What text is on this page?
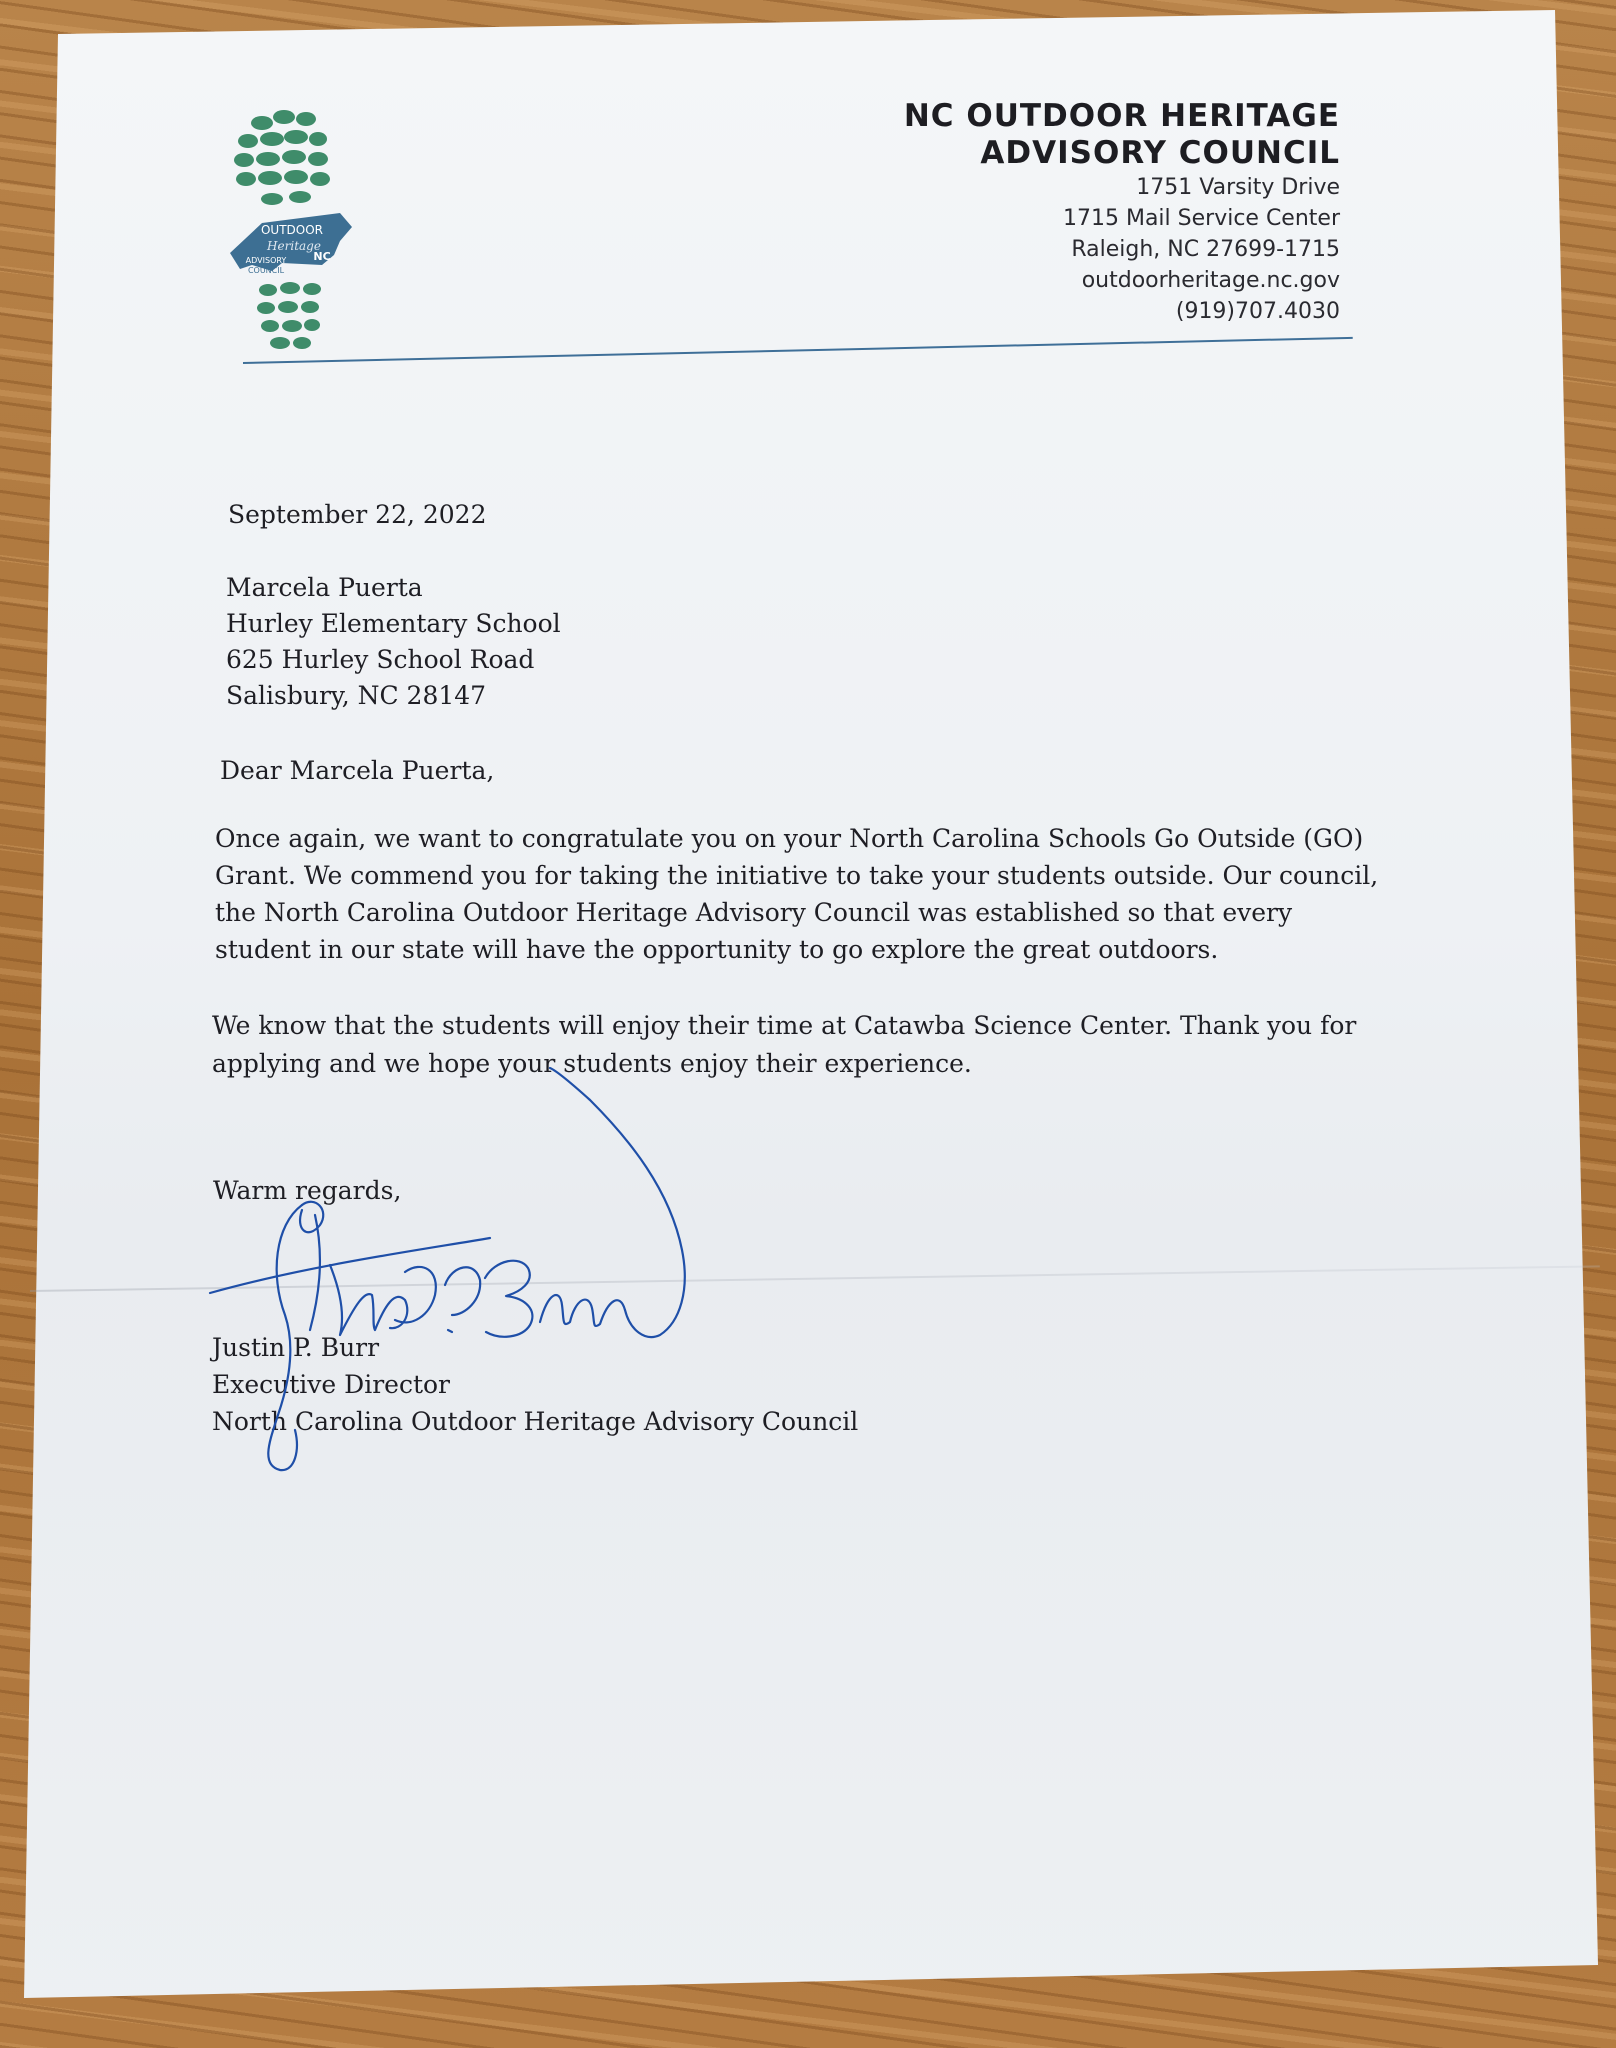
OUTDOOR
Heritage
ADVISORY NC
COUNCIL
NC OUTDOOR HERITAGE
ADVISORY COUNCIL
1751 Varsity Drive
1715 Mail Service Center
Raleigh, NC 27699-1715
outdoorheritage.nc.gov
(919)707.4030
September 22, 2022
Marcela Puerta
Hurley Elementary School
625 Hurley School Road
Salisbury, NC 28147
Dear Marcela Puerta,
Once again, we want to congratulate you on your North Carolina Schools Go Outside (GO)
Grant. We commend you for taking the initiative to take your students outside. Our council,
the North Carolina Outdoor Heritage Advisory Council was established so that every
student in our state will have the opportunity to go explore the great outdoors.
We know that the students will enjoy their time at Catawba Science Center. Thank you for
applying and we hope your students enjoy their experience.
Warm regards,
Justin P. Burr
Executive Director
North Carolina Outdoor Heritage Advisory Council
